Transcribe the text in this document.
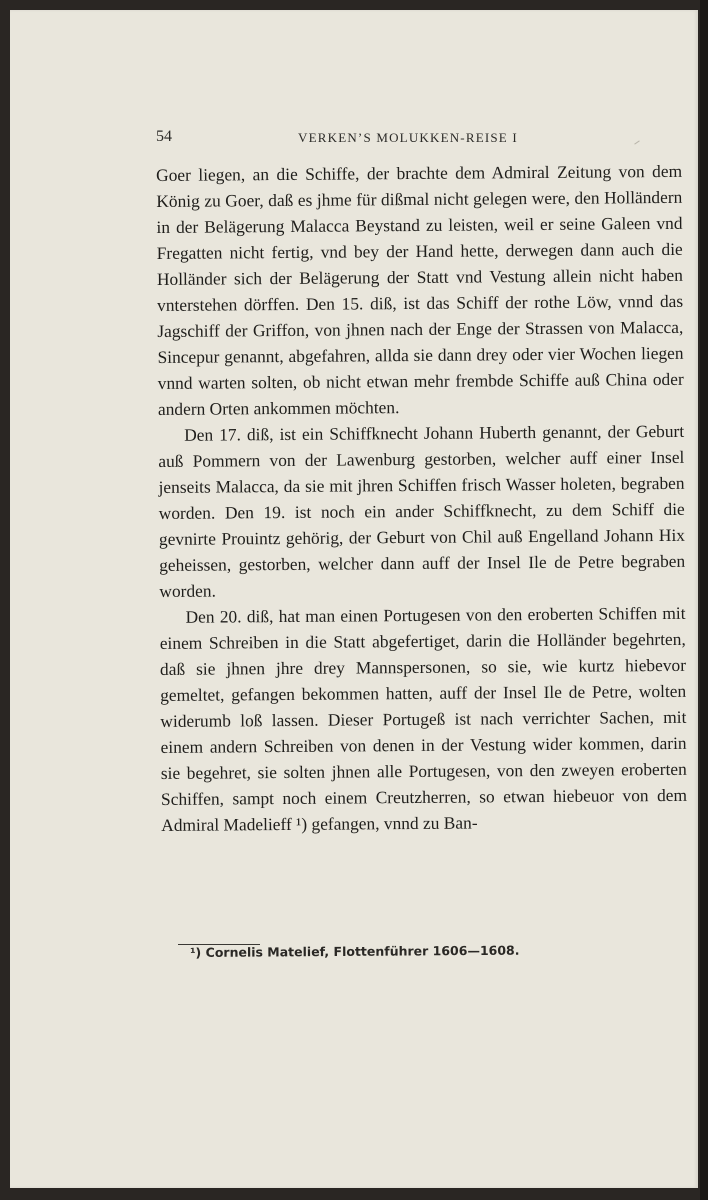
54	VERKEN’S MOLUKKEN-REISE I

Goer liegen, an die Schiffe, der brachte dem Admiral Zeitung von dem König zu Goer, daß es jhme für dißmal nicht gelegen were, den Holländern in der Belägerung Malacca Beystand zu leisten, weil er seine Galeen vnd Fregatten nicht fertig, vnd bey der Hand hette, derwegen dann auch die Holländer sich der Belägerung der Statt vnd Vestung allein nicht haben vnterstehen dörffen. Den 15. diß, ist das Schiff der rothe Löw, vnnd das Jagschiff der Griffon, von jhnen nach der Enge der Strassen von Malacca, Sincepur genannt, abgefahren, allda sie dann drey oder vier Wochen liegen vnnd warten solten, ob nicht etwan mehr frembde Schiffe auß China oder andern Orten ankommen möchten.

Den 17. diß, ist ein Schiffknecht Johann Huberth genannt, der Geburt auß Pommern von der Lawenburg gestorben, welcher auff einer Insel jenseits Malacca, da sie mit jhren Schiffen frisch Wasser holeten, begraben worden. Den 19. ist noch ein ander Schiffknecht, zu dem Schiff die gevnirte Prouintz gehörig, der Geburt von Chil auß Engelland Johann Hix geheissen, gestorben, welcher dann auff der Insel Ile de Petre begraben worden.

Den 20. diß, hat man einen Portugesen von den eroberten Schiffen mit einem Schreiben in die Statt abgefertiget, darin die Holländer begehrten, daß sie jhnen jhre drey Mannspersonen, so sie, wie kurtz hiebevor gemeltet, gefangen bekommen hatten, auff der Insel Ile de Petre, wolten widerumb loß lassen. Dieser Portugeß ist nach verrichter Sachen, mit einem andern Schreiben von denen in der Vestung wider kommen, darin sie begehret, sie solten jhnen alle Portugesen, von den zweyen eroberten Schiffen, sampt noch einem Creutzherren, so etwan hiebeuor von dem Admiral Madelieff ¹) gefangen, vnnd zu Ban-

¹) Cornelis Matelief, Flottenführer 1606—1608.
